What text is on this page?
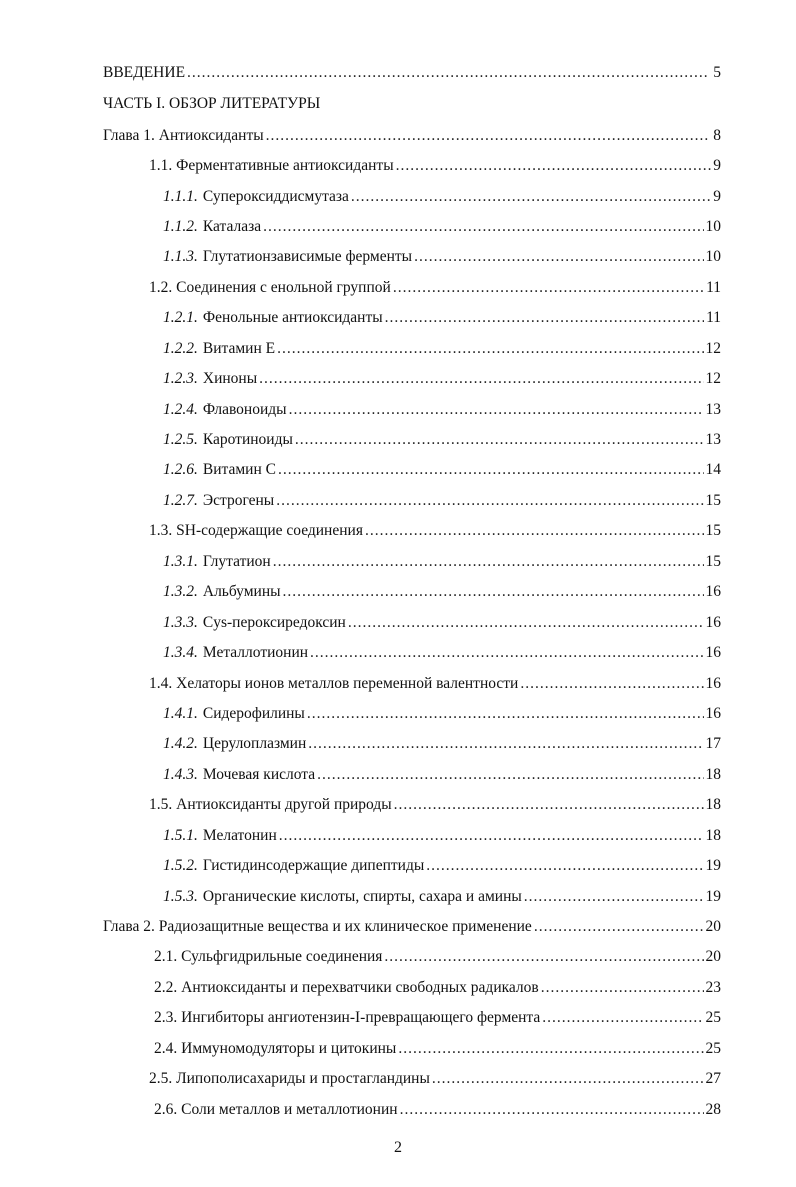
ВВЕДЕНИЕ .....	5
ЧАСТЬ I. ОБЗОР ЛИТЕРАТУРЫ
Глава 1. Антиоксиданты .....	8
1.1. Ферментативные антиоксиданты .....	9
1.1.1. Супероксиддисмутаза .....	9
1.1.2. Каталаза .....	10
1.1.3. Глутатионзависимые ферменты .....	10
1.2. Соединения с енольной группой .....	11
1.2.1. Фенольные антиоксиданты .....	11
1.2.2. Витамин Е .....	12
1.2.3. Хиноны .....	12
1.2.4. Флавоноиды .....	13
1.2.5. Каротиноиды .....	13
1.2.6. Витамин С .....	14
1.2.7. Эстрогены .....	15
1.3. SH-содержащие соединения .....	15
1.3.1. Глутатион .....	15
1.3.2. Альбумины .....	16
1.3.3. Cys-пероксиредоксин .....	16
1.3.4. Металлотионин .....	16
1.4. Хелаторы ионов металлов переменной валентности .....	16
1.4.1. Сидерофилины .....	16
1.4.2. Церулоплазмин .....	17
1.4.3. Мочевая кислота .....	18
1.5. Антиоксиданты другой природы .....	18
1.5.1. Мелатонин .....	18
1.5.2. Гистидинсодержащие дипептиды .....	19
1.5.3. Органические кислоты, спирты, сахара и амины .....	19
Глава 2. Радиозащитные вещества и их клиническое применение .....	20
2.1. Сульфгидрильные соединения .....	20
2.2. Антиоксиданты и перехватчики свободных радикалов .....	23
2.3. Ингибиторы ангиотензин-I-превращающего фермента .....	25
2.4. Иммуномодуляторы и цитокины .....	25
2.5. Липополисахариды и простагландины .....	27
2.6. Соли металлов и металлотионин .....	28
2
